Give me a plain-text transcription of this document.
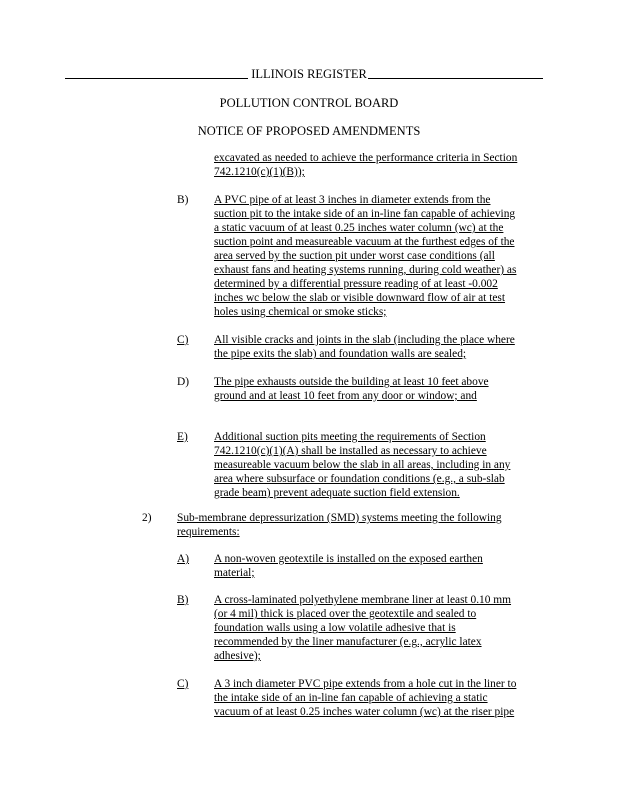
ILLINOIS REGISTER
POLLUTION CONTROL BOARD
NOTICE OF PROPOSED AMENDMENTS
excavated as needed to achieve the performance criteria in Section
742.1210(c)(1)(B));
B) A PVC pipe of at least 3 inches in diameter extends from the
suction pit to the intake side of an in-line fan capable of achieving
a static vacuum of at least 0.25 inches water column (wc) at the
suction point and measureable vacuum at the furthest edges of the
area served by the suction pit under worst case conditions (all
exhaust fans and heating systems running, during cold weather) as
determined by a differential pressure reading of at least -0.002
inches wc below the slab or visible downward flow of air at test
holes using chemical or smoke sticks;
C) All visible cracks and joints in the slab (including the place where
the pipe exits the slab) and foundation walls are sealed;
D) The pipe exhausts outside the building at least 10 feet above
ground and at least 10 feet from any door or window; and
E) Additional suction pits meeting the requirements of Section
742.1210(c)(1)(A) shall be installed as necessary to achieve
measureable vacuum below the slab in all areas, including in any
area where subsurface or foundation conditions (e.g., a sub-slab
grade beam) prevent adequate suction field extension.
2) Sub-membrane depressurization (SMD) systems meeting the following
requirements:
A) A non-woven geotextile is installed on the exposed earthen
material;
B) A cross-laminated polyethylene membrane liner at least 0.10 mm
(or 4 mil) thick is placed over the geotextile and sealed to
foundation walls using a low volatile adhesive that is
recommended by the liner manufacturer (e.g., acrylic latex
adhesive);
C) A 3 inch diameter PVC pipe extends from a hole cut in the liner to
the intake side of an in-line fan capable of achieving a static
vacuum of at least 0.25 inches water column (wc) at the riser pipe
